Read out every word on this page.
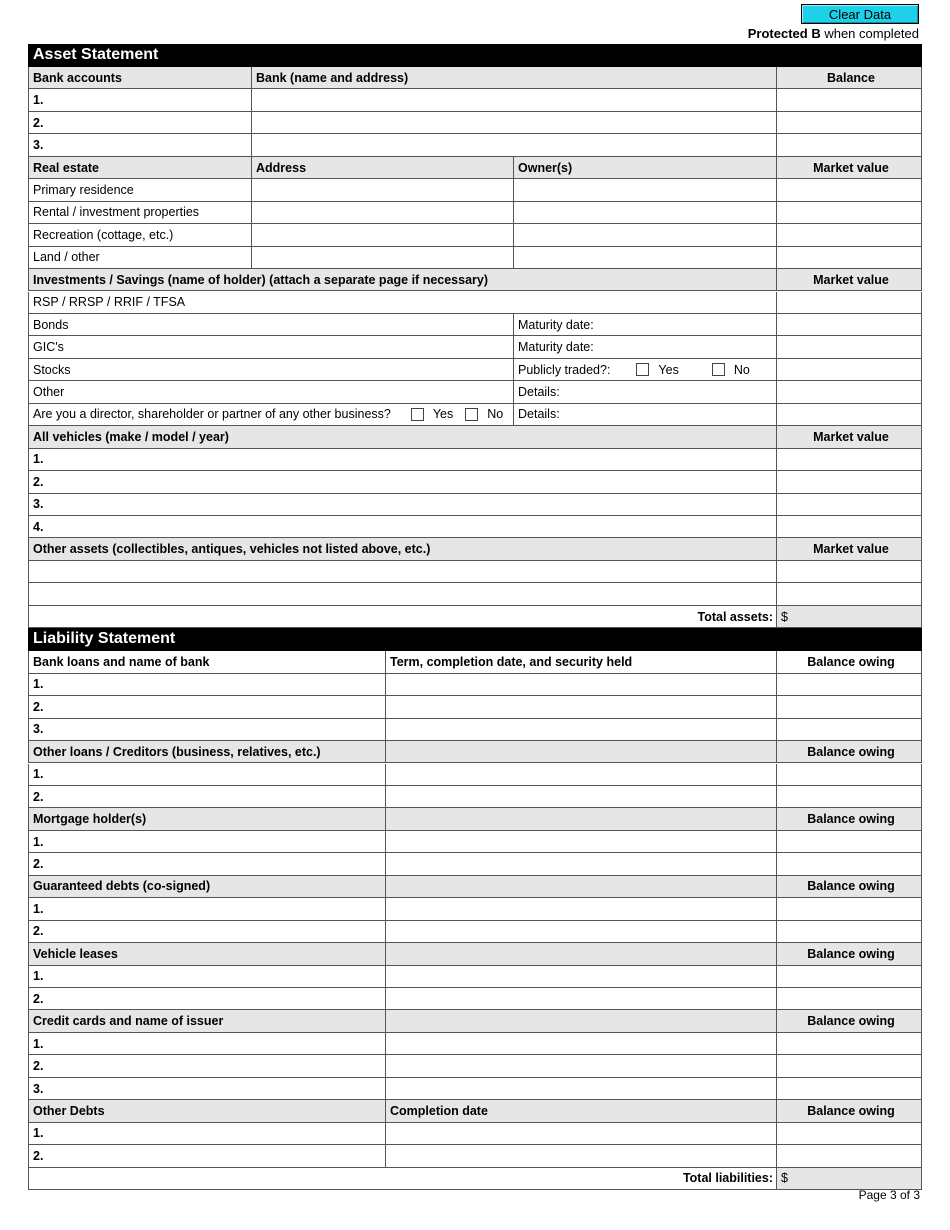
Clear Data
Protected B when completed
Asset Statement
Bank accounts	Bank (name and address)	Balance
1.
2.
3.
Real estate	Address	Owner(s)	Market value
Primary residence
Rental / investment properties
Recreation (cottage, etc.)
Land / other
Investments / Savings (name of holder) (attach a separate page if necessary)	Market value
RSP / RRSP / RRIF / TFSA
Bonds	Maturity date:
GIC's	Maturity date:
Stocks	Publicly traded?:	Yes	No
Other	Details:
Are you a director, shareholder or partner of any other business?	Yes	No Details:
All vehicles (make / model / year)	Market value
1.
2.
3.
4.
Other assets (collectibles, antiques, vehicles not listed above, etc.)	Market value
Total assets: $
Liability Statement
Bank loans and name of bank	Term, completion date, and security held	Balance owing
1.
2.
3.
Other loans / Creditors (business, relatives, etc.)	Balance owing
1.
2.
Mortgage holder(s)	Balance owing
1.
2.
Guaranteed debts (co-signed)	Balance owing
1.
2.
Vehicle leases	Balance owing
1.
2.
Credit cards and name of issuer	Balance owing
1.
2.
3.
Other Debts	Completion date	Balance owing
1.
2.
Total liabilities: $
Page 3 of 3
